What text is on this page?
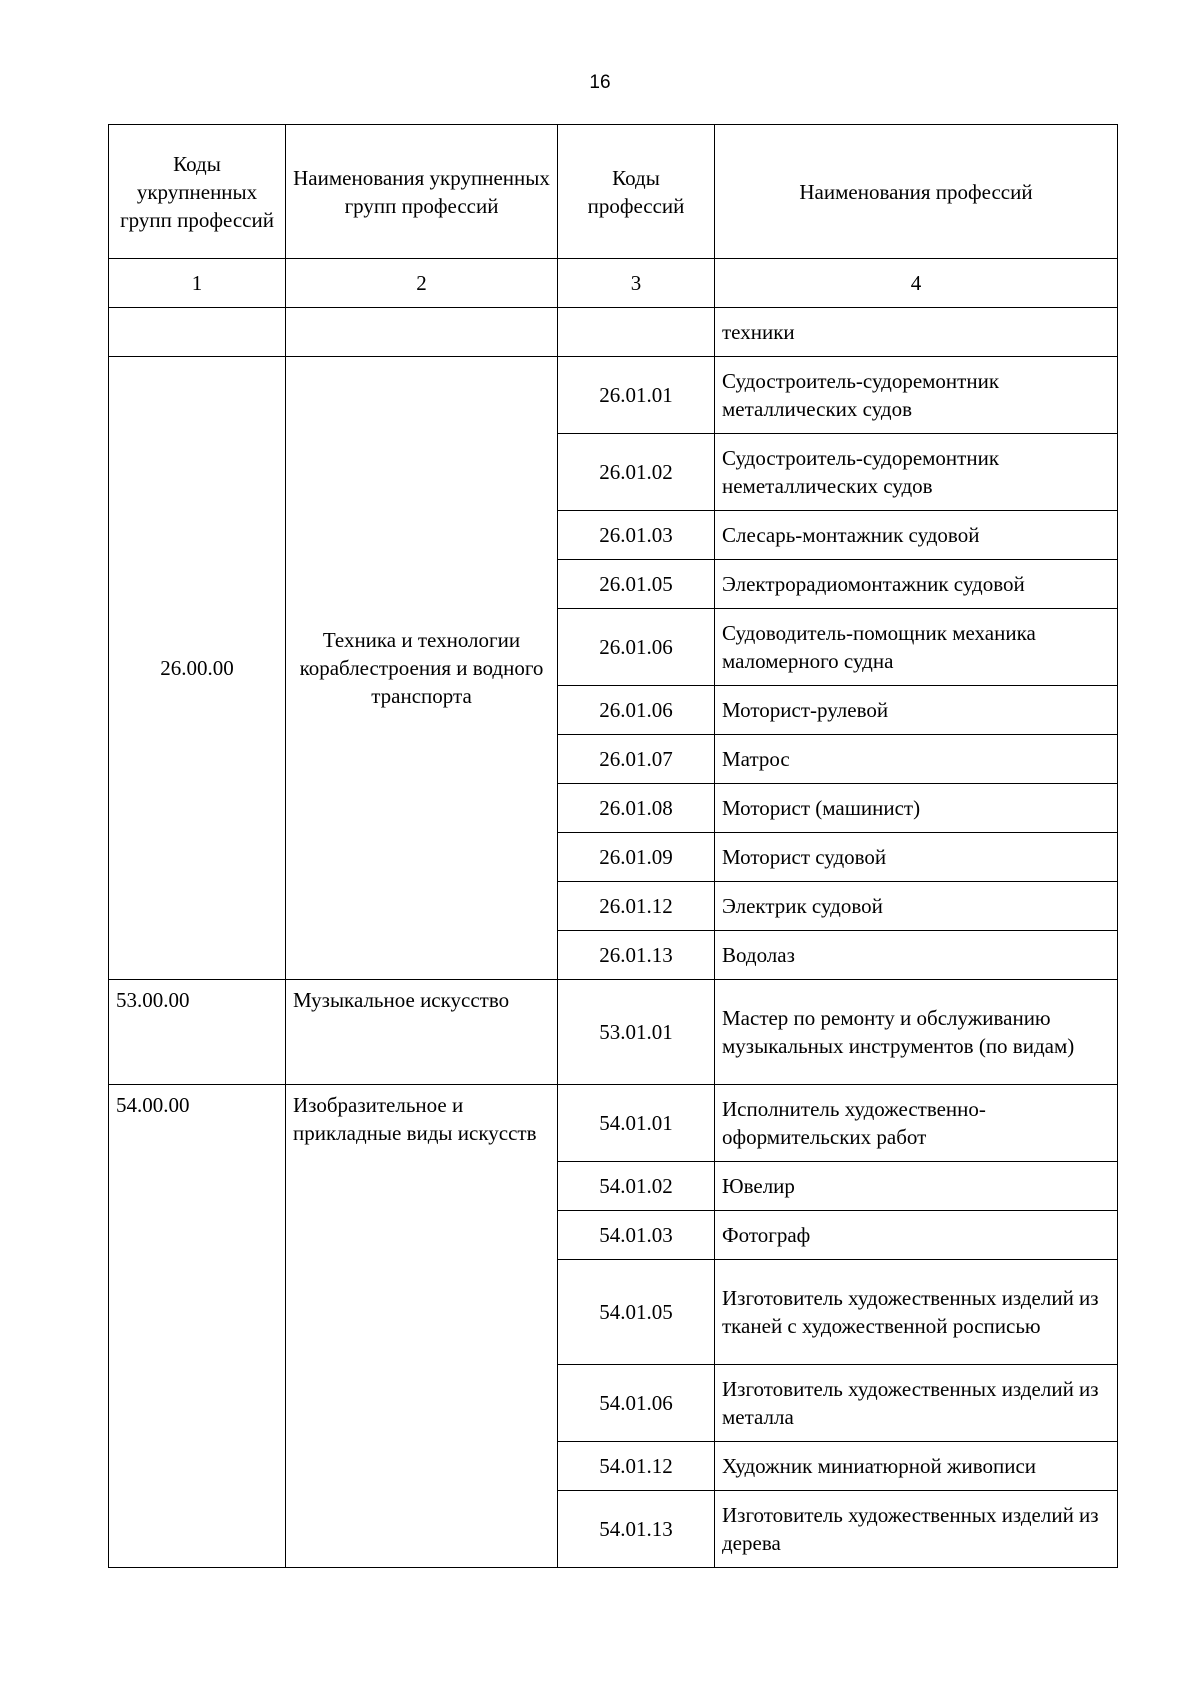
16
Коды укрупненных групп профессий	Наименования укрупненных групп профессий	Коды профессий	Наименования профессий
1	2	3	4
			техники
26.00.00	Техника и технологии кораблестроения и водного транспорта	26.01.01	Судостроитель-судоремонтник металлических судов
		26.01.02	Судостроитель-судоремонтник неметаллических судов
		26.01.03	Слесарь-монтажник судовой
		26.01.05	Электрорадиомонтажник судовой
		26.01.06	Судоводитель-помощник механика маломерного судна
		26.01.06	Моторист-рулевой
		26.01.07	Матрос
		26.01.08	Моторист (машинист)
		26.01.09	Моторист судовой
		26.01.12	Электрик судовой
		26.01.13	Водолаз
53.00.00	Музыкальное искусство	53.01.01	Мастер по ремонту и обслуживанию музыкальных инструментов (по видам)
54.00.00	Изобразительное и прикладные виды искусств	54.01.01	Исполнитель художественно-оформительских работ
		54.01.02	Ювелир
		54.01.03	Фотограф
		54.01.05	Изготовитель художественных изделий из тканей с художественной росписью
		54.01.06	Изготовитель художественных изделий из металла
		54.01.12	Художник миниатюрной живописи
		54.01.13	Изготовитель художественных изделий из дерева
